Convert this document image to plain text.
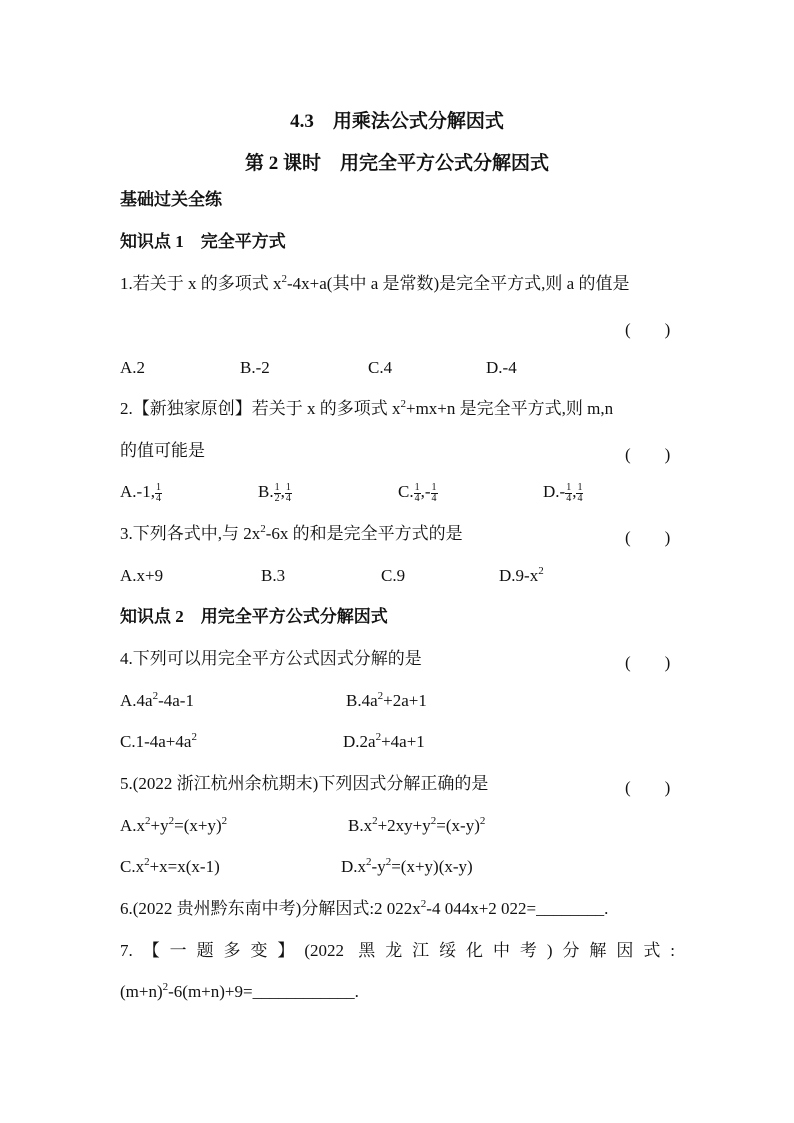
4.3　用乘法公式分解因式
第 2 课时　用完全平方公式分解因式
基础过关全练
知识点 1　完全平方式
1.若关于 x 的多项式 $x^2-4x+a$(其中 a 是常数)是完全平方式,则 a 的值是
(　　)
A.2	B.-2	C.4	D.-4
2.【新独家原创】若关于 x 的多项式 $x^2+mx+n$ 是完全平方式,则 m,n
的值可能是	(　　)
A.-1, $\frac{1}{4}$	B. $\frac{1}{2}$ , $\frac{1}{4}$	C. $\frac{1}{4}$ ,- $\frac{1}{4}$	$D.- \frac{1}{4}$ , $\frac{1}{4}$
3.下列各式中,与 $2x^2-6x$ 的和是完全平方式的是	(　　)
A.x+9	B.3	C.9	$D.9-x^2$
知识点 2　用完全平方公式分解因式
4.下列可以用完全平方公式因式分解的是	(　　)
$A.4a^2-4a-1$	$B.4a^2+2a+1$
$C.1-4a+4a^2$	$D.2a^2+4a+1$
5.(2022 浙江杭州余杭期末)下列因式分解正确的是	(　　)
$A.x^2+y^2=(x+y)^2$	$B.x^2+2xy+y^2=(x-y)^2$
$C.x^2+x=x(x-1)$	$D.x^2-y^2=(x+y)(x-y)$
6.(2022 贵州黔东南中考)分解因式:2 $022x^2-4$ 044x+2 022=________.
7.【一题多变】(2022 黑龙江绥化中考)分解因式:
$(m+n)^2-6(m+n)+9=\_\_\_\_\_\_\_\_\_\_\_\_$.
